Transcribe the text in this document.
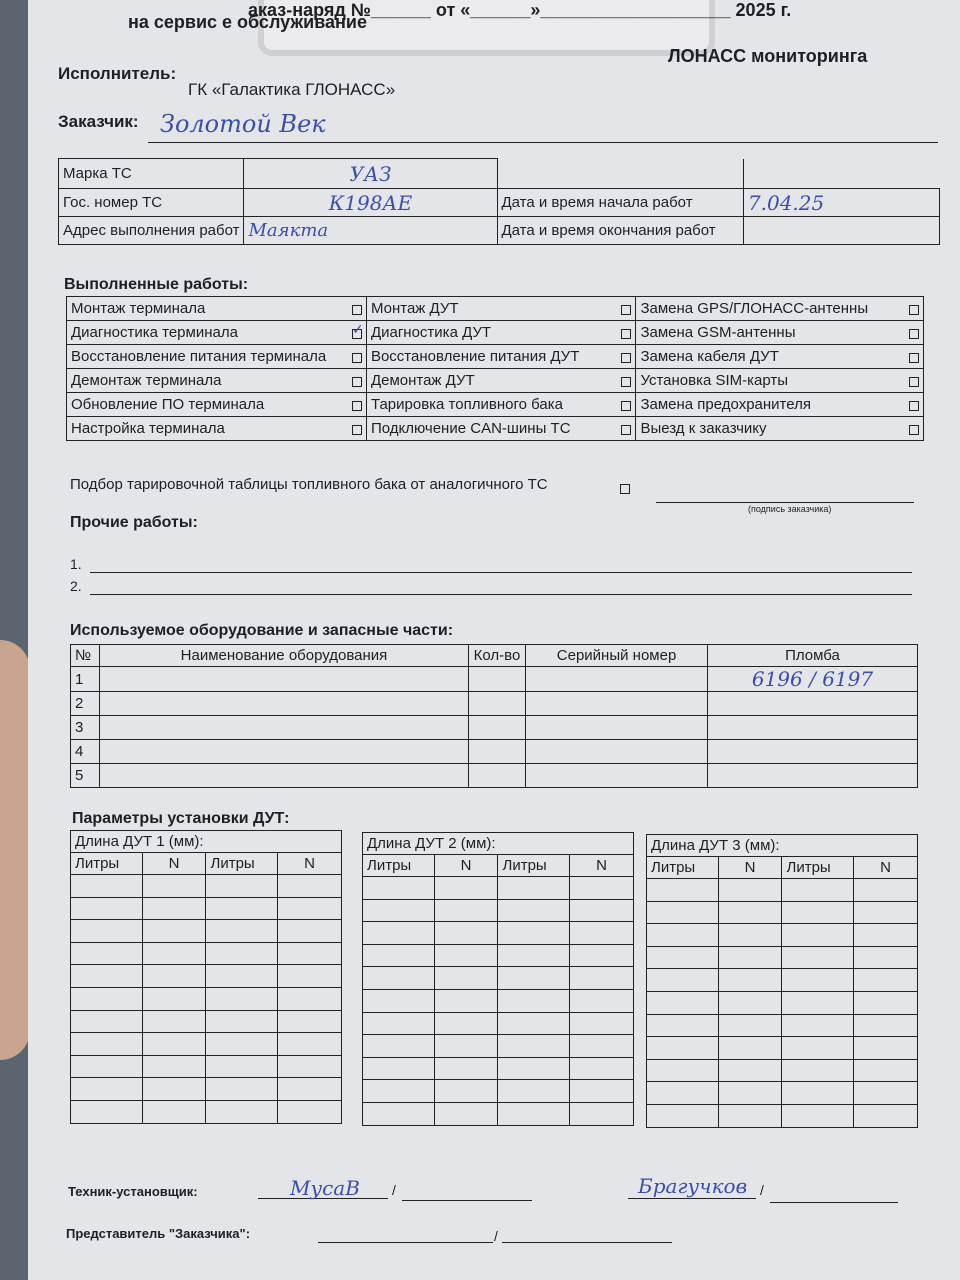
аказ-наряд №______ от «______»___________________ 2025 г.
на сервис е обслуживание
ЛОНАСС мониторинга
Исполнитель:
ГК «Галактика ГЛОНАСС»
Заказчик: Золотой Век
Марка ТС	УАЗ		
Гос. номер ТС	К198АЕ	Дата и время начала работ	7.04.25
Адрес выполнения работ	Маякта	Дата и время окончания работ	
Выполненные работы:
Монтаж терминала	Монтаж ДУТ	Замена GPS/ГЛОНАСС-антенны

✓
Диагностика терминала	Диагностика ДУТ	Замена GSM-антенны

Восстановление питания терминала	Восстановление питания ДУТ	Замена кабеля ДУТ

Демонтаж терминала	Демонтаж ДУТ	Установка SIM-карты

Обновление ПО терминала	Тарировка топливного бака	Замена предохранителя

Настройка терминала	Подключение CAN-шины ТС	Выезд к заказчику
Подбор тарировочной таблицы топливного бака от аналогичного ТС
(подпись заказчика)
Прочие работы:
1.
2.
Используемое оборудование и запасные части:
№	Наименование оборудования	Кол-во	Серийный номер	Пломба
1				6196 / 6197
2				
3				
4				
5				
Параметры установки ДУТ:
Длина ДУТ 1 (мм):			
Литры	N	Литры	N

Длина ДУТ 2 (мм):			
Литры	N	Литры	N

Длина ДУТ 3 (мм):			
Литры	N	Литры	N

Техник-установщик:	МусаВ /	Брагучков /
Представитель "Заказчика":	/
